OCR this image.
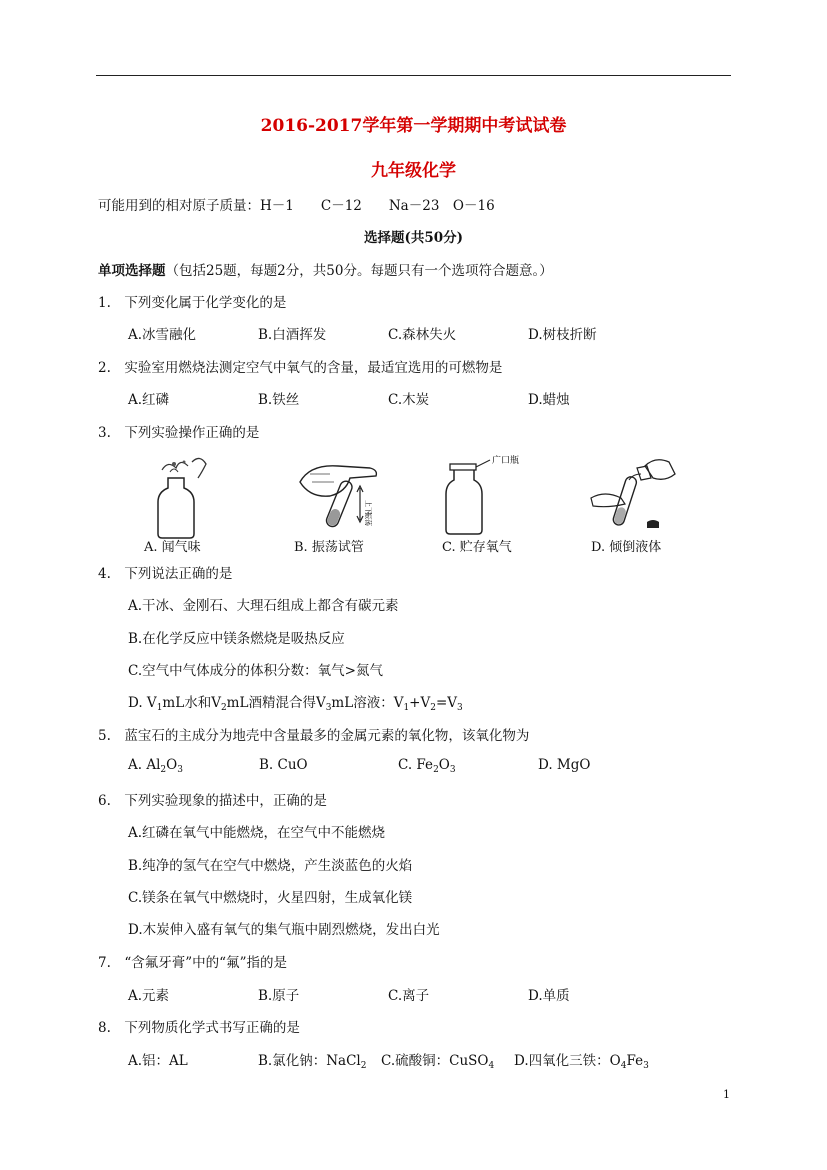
2016-2017学年第一学期期中考试试卷
九年级化学
可能用到的相对原子质量：H－1　　C－12　　Na－23　O－16
选择题(共50分)
单项选择题（包括25题，每题2分，共50分。每题只有一个选项符合题意。）
1.　下列变化属于化学变化的是
A.冰雪融化	B.白酒挥发	C.森林失火	D.树枝折断
2.　实验室用燃烧法测定空气中氧气的含量，最适宜选用的可燃物是
A.红磷	B.铁丝	C.木炭	D.蜡烛
3.　下列实验操作正确的是
A. 闻气味
上下
振荡
B. 振荡试管
广口瓶
C. 贮存氧气	D. 倾倒液体
4.　下列说法正确的是
A.干冰、金刚石、大理石组成上都含有碳元素
B.在化学反应中镁条燃烧是吸热反应
C.空气中气体成分的体积分数：氧气>氮气
D. $V_1mL$水和$V_2mL$酒精混合得$V_3mL$溶液：$V_1+V_2=V_3$
5.　蓝宝石的主成分为地壳中含量最多的金属元素的氧化物，该氧化物为
A. $Al_2O_3$	B. CuO	C. $Fe_2O_3$	D. MgO
6.　下列实验现象的描述中，正确的是
A.红磷在氧气中能燃烧，在空气中不能燃烧
B.纯净的氢气在空气中燃烧，产生淡蓝色的火焰
C.镁条在氧气中燃烧时，火星四射，生成氧化镁
D.木炭伸入盛有氧气的集气瓶中剧烈燃烧，发出白光
7.　“含氟牙膏”中的“氟”指的是
A.元素	B.原子	C.离子	D.单质
8.　下列物质化学式书写正确的是
A.铝：AL	B.氯化钠：NaCl$_2$ C.硫酸铜：CuSO$_4$ D.四氧化三铁：$O_4Fe_3$
1
